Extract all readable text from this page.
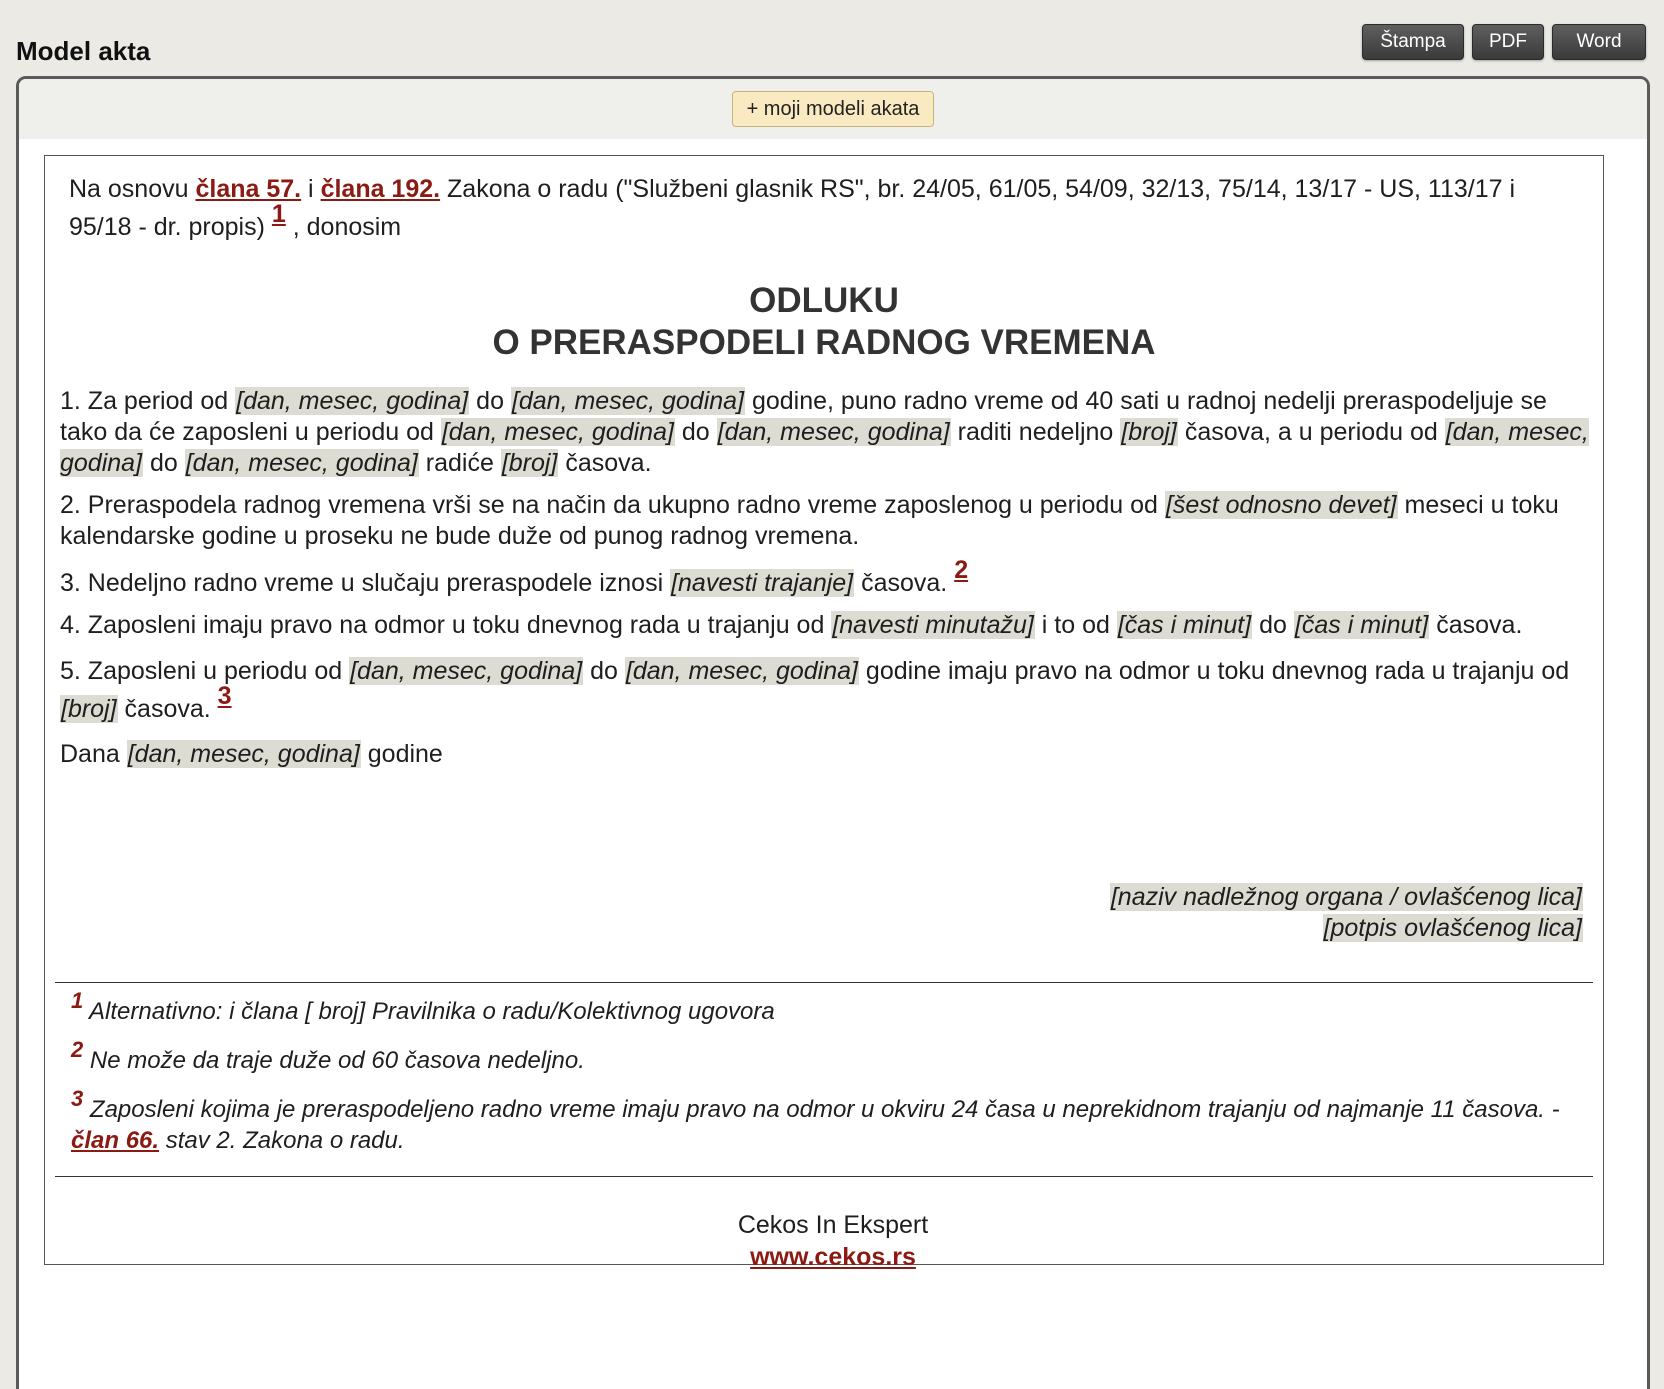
Model akta	Štampa	PDF	Word
+ moji modeli akata
Na osnovu člana 57. i člana 192. Zakona o radu ("Službeni glasnik RS", br. 24/05, 61/05, 54/09, 32/13, 75/14, 13/17 - US, 113/17 i 95/18 - dr. propis) $^1$ , donosim
ODLUKU
O PRERASPODELI RADNOG VREMENA

1. Za period od [dan, mesec, godina] do [dan, mesec, godina] godine, puno radno vreme od 40 sati u radnoj nedelji preraspodeljuje se tako da će zaposleni u periodu od [dan, mesec, godina] do [dan, mesec, godina] raditi nedeljno [broj] časova, a u periodu od [dan, mesec, godina] do [dan, mesec, godina] radiće [broj] časova.

2. Preraspodela radnog vremena vrši se na način da ukupno radno vreme zaposlenog u periodu od [šest odnosno devet] meseci u toku kalendarske godine u proseku ne bude duže od punog radnog vremena.

3. Nedeljno radno vreme u slučaju preraspodele iznosi [navesti trajanje] časova. $^2$

4. Zaposleni imaju pravo na odmor u toku dnevnog rada u trajanju od [navesti minutažu] i to od [čas i minut] do [čas i minut] časova.

5. Zaposleni u periodu od [dan, mesec, godina] do [dan, mesec, godina] godine imaju pravo na odmor u toku dnevnog rada u trajanju od [broj] časova. $^3$

Dana [dan, mesec, godina] godine

[naziv nadležnog organa / ovlašćenog lica]
[potpis ovlašćenog lica]

1 Alternativno: i člana [ broj] Pravilnika o radu/Kolektivnog ugovora

2 Ne može da traje duže od 60 časova nedeljno.

3 Zaposleni kojima je preraspodeljeno radno vreme imaju pravo na odmor u okviru 24 časa u neprekidnom trajanju od najmanje 11 časova. - član 66. stav 2. Zakona o radu.

Cekos In Ekspert
www.cekos.rs
